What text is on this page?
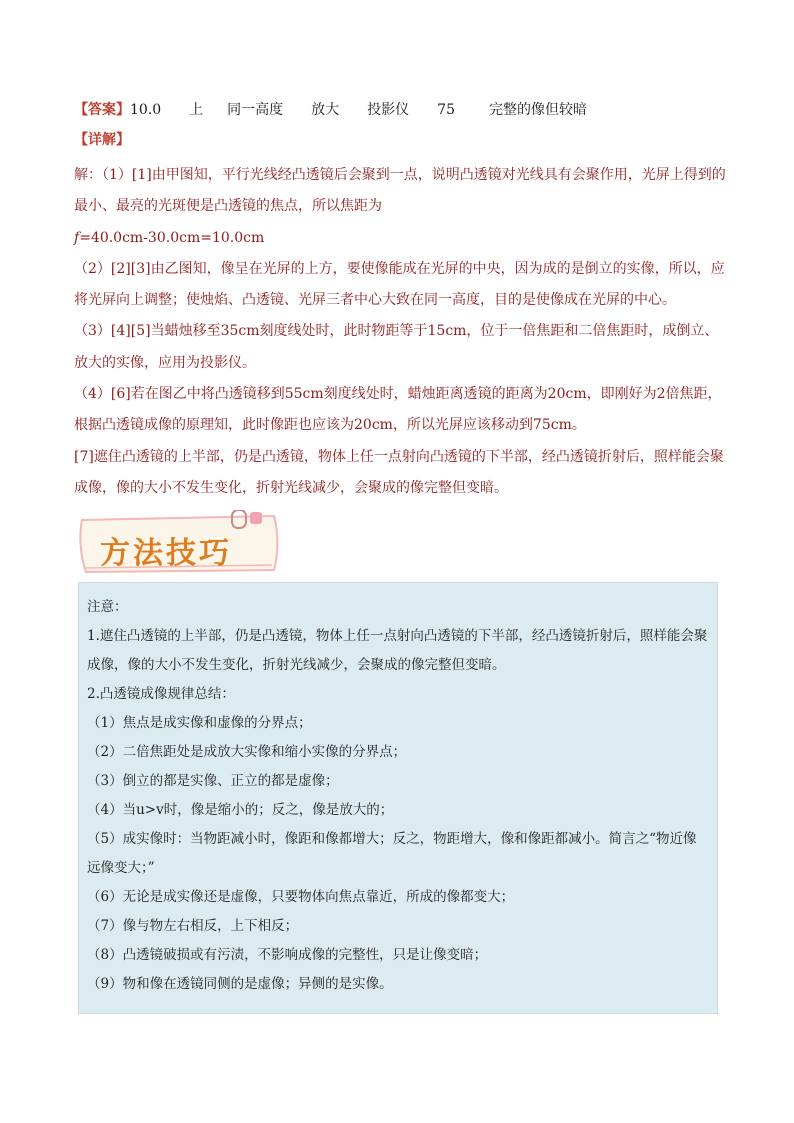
【答案】10.0 上 同一高度 放大 投影仪 75 完整的像但较暗
【详解】

解：（1）[1]由甲图知，平行光线经凸透镜后会聚到一点，说明凸透镜对光线具有会聚作用，光屏上得到的最小、最亮的光斑便是凸透镜的焦点，所以焦距为

f=40.0cm-30.0cm=10.0cm

（2）[2][3]由乙图知，像呈在光屏的上方，要使像能成在光屏的中央，因为成的是倒立的实像，所以，应将光屏向上调整；使烛焰、凸透镜、光屏三者中心大致在同一高度，目的是使像成在光屏的中心。

（3）[4][5]当蜡烛移至35cm刻度线处时，此时物距等于15cm，位于一倍焦距和二倍焦距时，成倒立、放大的实像，应用为投影仪。

（4）[6]若在图乙中将凸透镜移到55cm刻度线处时，蜡烛距离透镜的距离为20cm，即刚好为2倍焦距，根据凸透镜成像的原理知，此时像距也应该为20cm，所以光屏应该移动到75cm。

[7]遮住凸透镜的上半部，仍是凸透镜，物体上任一点射向凸透镜的下半部，经凸透镜折射后，照样能会聚成像，像的大小不发生变化，折射光线减少，会聚成的像完整但变暗。

方法技巧

注意：

1.遮住凸透镜的上半部，仍是凸透镜，物体上任一点射向凸透镜的下半部，经凸透镜折射后，照样能会聚成像，像的大小不发生变化，折射光线减少，会聚成的像完整但变暗。

2.凸透镜成像规律总结：

（1）焦点是成实像和虚像的分界点；

（2）二倍焦距处是成放大实像和缩小实像的分界点；

（3）倒立的都是实像、正立的都是虚像；

（4）当u>v时，像是缩小的；反之，像是放大的；

（5）成实像时：当物距减小时，像距和像都增大；反之，物距增大，像和像距都减小。简言之“物近像远像变大；”

（6）无论是成实像还是虚像，只要物体向焦点靠近，所成的像都变大；

（7）像与物左右相反，上下相反；

（8）凸透镜破损或有污渍，不影响成像的完整性，只是让像变暗；

（9）物和像在透镜同侧的是虚像；异侧的是实像。
